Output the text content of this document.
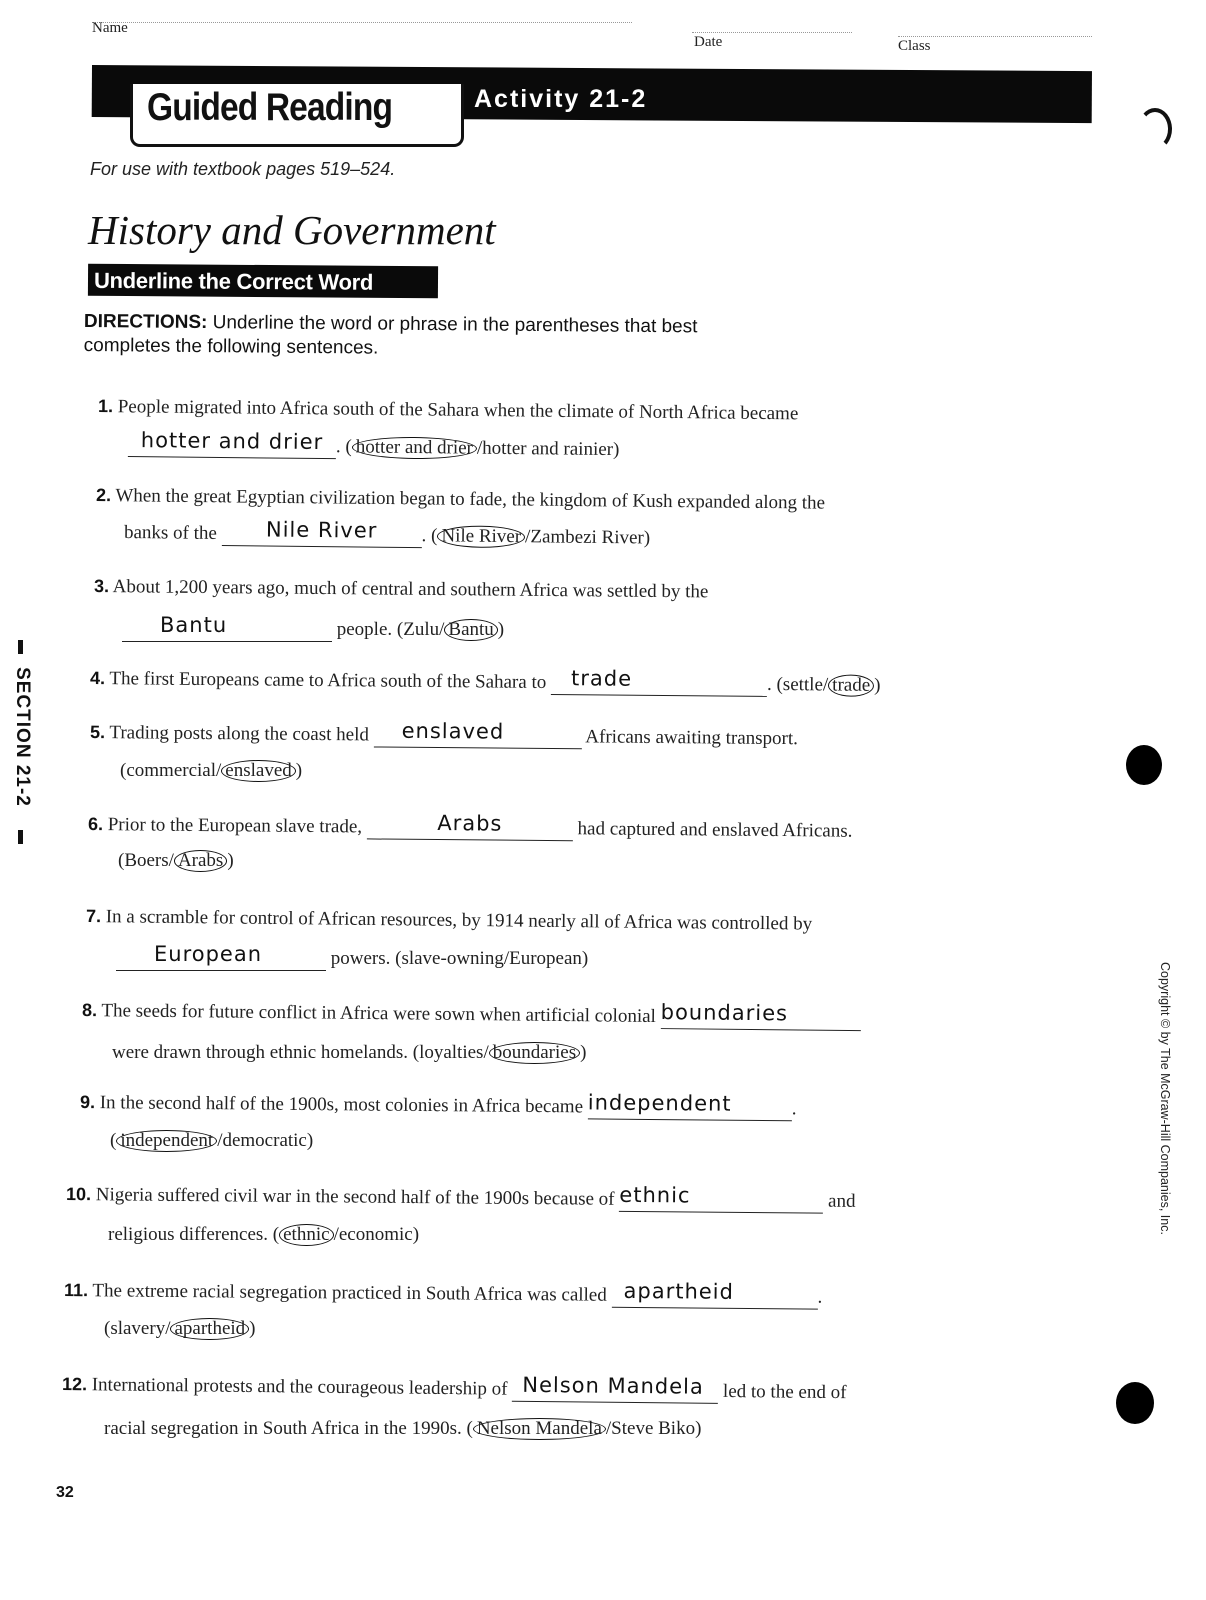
Name
Date	Class
Guided Reading	Activity 21-2
For use with textbook pages 519–524.
History and Government
Underline the Correct Word
DIRECTIONS: Underline the word or phrase in the parentheses that best
completes the following sentences.
1. People migrated into Africa south of the Sahara when the climate of North Africa became
hotter and drier . ( hotter and drier /hotter and rainier)
2. When the great Egyptian civilization began to fade, the kingdom of Kush expanded along the
banks of the Nile River . ( Nile River /Zambezi River)
3. About 1,200 years ago, much of central and southern Africa was settled by the
Bantu	people. (Zulu/ Bantu )
4. The first Europeans came to Africa south of the Sahara to trade	. (settle/ trade )
5. Trading posts along the coast held enslaved	Africans awaiting transport.
(commercial/ enslaved )
6. Prior to the European slave trade,	Arabs	had captured and enslaved Africans.
(Boers/ Arabs )
7. In a scramble for control of African resources, by 1914 nearly all of Africa was controlled by
European	powers. (slave-owning/European)
8. The seeds for future conflict in Africa were sown when artificial colonial boundaries
were drawn through ethnic homelands. (loyalties/ boundaries )
9. In the second half of the 1900s, most colonies in Africa became independent	.
( independent /democratic)
10. Nigeria suffered civil war in the second half of the 1900s because of ethnic	and
religious differences. ( ethnic /economic)
11. The extreme racial segregation practiced in South Africa was called apartheid	.
(slavery/ apartheid )
12. International protests and the courageous leadership of Nelson Mandela led to the end of
racial segregation in South Africa in the 1990s. ( Nelson Mandela /Steve Biko)
SECTION 21-2
Copyright © by The McGraw-Hill Companies, Inc.
32
